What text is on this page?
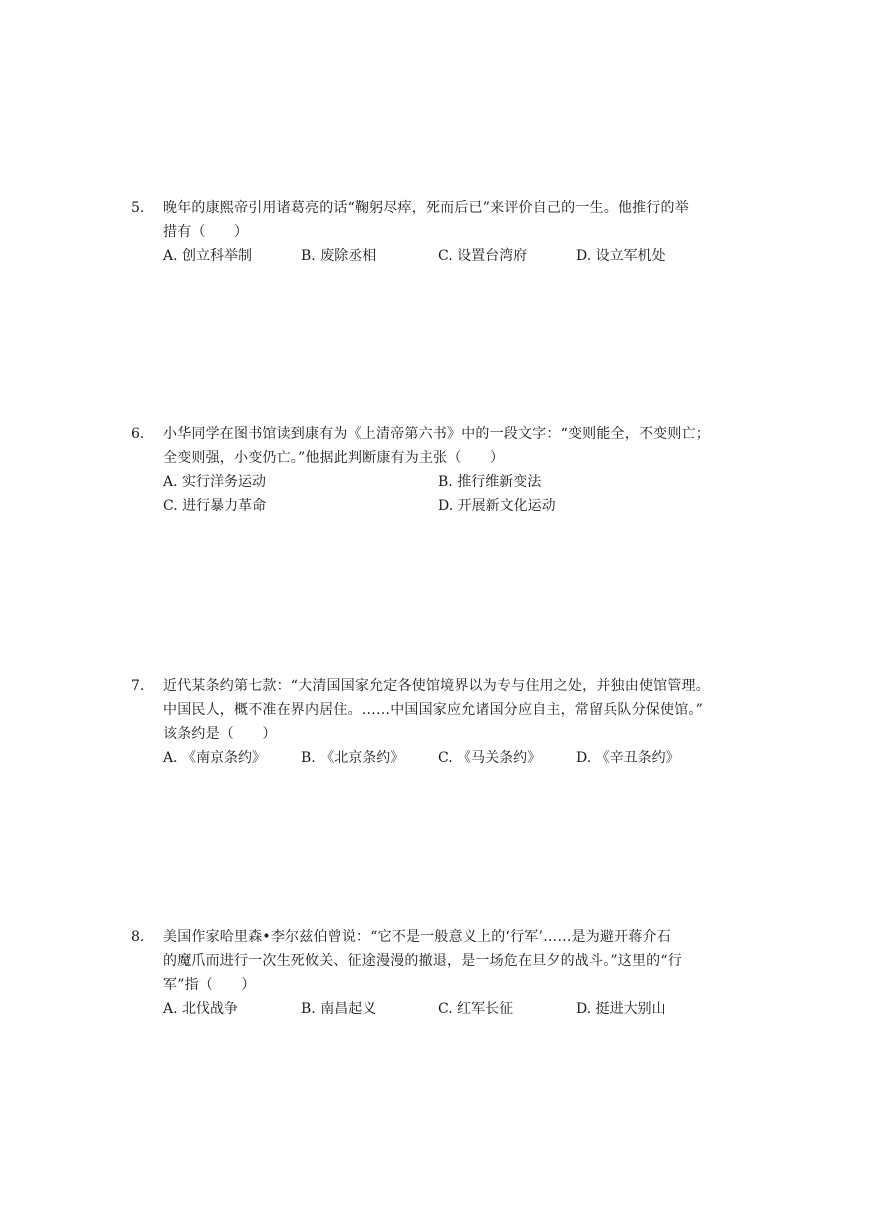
5. 晚年的康熙帝引用诸葛亮的话“鞠躬尽瘁，死而后已”来评价自己的一生。他推行的举
措有（　　）
A. 创立科举制	B. 废除丞相	C. 设置台湾府	D. 设立军机处
6. 小华同学在图书馆读到康有为《上清帝第六书》中的一段文字：“变则能全，不变则亡；
全变则强，小变仍亡。”他据此判断康有为主张（　　）
A. 实行洋务运动	B. 推行维新变法
C. 进行暴力革命	D. 开展新文化运动
7. 近代某条约第七款：“大清国国家允定各使馆境界以为专与住用之处，并独由使馆管理。
中国民人，概不准在界内居住。……中国国家应允诸国分应自主，常留兵队分保使馆。”
该条约是（　　）
A. 《南京条约》 B. 《北京条约》 C. 《马关条约》 D. 《辛丑条约》
8. 美国作家哈里森•李尔兹伯曾说：“它不是一般意义上的‘行军’……是为避开蒋介石
的魔爪而进行一次生死攸关、征途漫漫的撤退，是一场危在旦夕的战斗。”这里的“行
军”指（　　）
A. 北伐战争	B. 南昌起义	C. 红军长征	D. 挺进大别山
